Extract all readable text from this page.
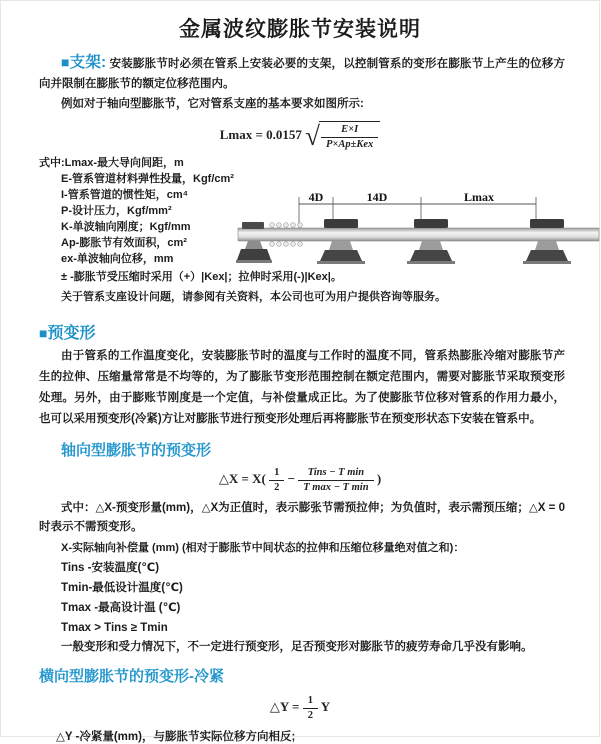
金属波纹膨胀节安装说明

■支架: 安装膨胀节时必须在管系上安装必要的支架，以控制管系的变形在膨胀节上产生的位移方向并限制在膨胀节的额定位移范围内。

例如对于轴向型膨胀节，它对管系支座的基本要求如图所示:

Lmax = 0.0157 √ $\frac{E\times I}{\text{P×Ap±Kex}}$
式中:Lmax-最大导向间距，m
E-管系管道材料弹性投量，Kgf/cm²
I-管系管道的惯性矩，cm⁴
P-设计压力，Kgf/mm²
K-单波轴向刚度；Kgf/mm
Ap-膨胀节有效面积，cm²
ex-单波轴向位移，mm
4D	14D	Lmax

± -膨胀节受压缩时采用（+）|Kex|；拉伸时采用(-)|Kex|。

关于管系支座设计问题，请参阅有关资料，本公司也可为用户提供咨询等服务。

■预变形

由于管系的工作温度变化，安装膨胀节时的温度与工作时的温度不同，管系热膨胀冷缩对膨胀节产生的拉伸、压缩量常常是不均等的，为了膨胀节变形范围控制在额定范围内，需要对膨胀节采取预变形处理。另外，由于膨账节刚度是一个定值，与补偿量成正比。为了使膨胀节位移对管系的作用力最小，也可以采用预变形(冷紧)方让对膨胀节进行预变形处理后再将膨胀节在预变形状态下安装在管系中。

轴向型膨胀节的预变形
△X = $X( \frac{1}{2} - \frac{\text{Tins − T min}}{\text{T max − T min}}$ )

式中：△X-预变形量(mm)，△X为正值时，表示膨张节需预拉伸；为负值时，表示需预压缩；△X = 0时表示不需预变形。

X-实际轴向补偿量 (mm) (相对于膨胀节中间状态的拉伸和压缩位移量绝对值之和)：

Tins -安装温度(℃)
Tmin-最低设计温度(℃)
Tmax -最高设计温 (℃)
Tmax > Tins ≥ Tmin

一般变形和受力情况下，不一定进行预变形，足否预变形对膨胀节的疲劳寿命几乎没有影响。

横向型膨胀节的预变形-冷紧
△Y = $\frac{1}{2}$ Y

△Y -冷紧量(mm)，与膨胀节实际位移方向相反;
